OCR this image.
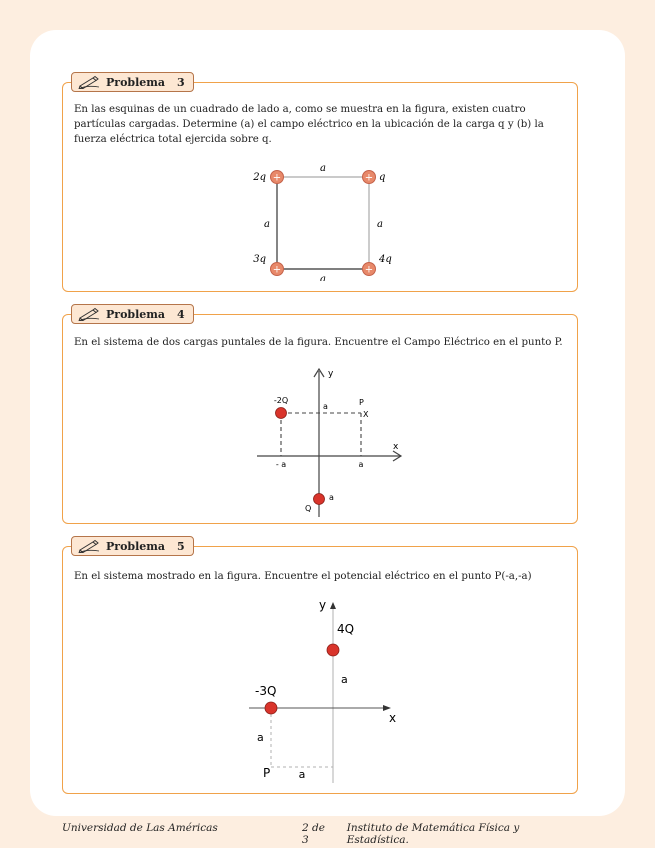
Problema 3
En las esquinas de un cuadrado de lado a, como se muestra en la figura, existen cuatro partículas cargadas. Determine (a) el campo eléctrico en la ubicación de la carga q y (b) la fuerza eléctrica total ejercida sobre q.
+	+
+	+
2q	q
3q	4q
a
a	a
a
Problema 4
En el sistema de dos cargas puntales de la figura. Encuentre el Campo Eléctrico en el punto P.
y
x
-2Q
a	P
X
- a	a
a
Q
Problema 5
En el sistema mostrado en la figura. Encuentre el potencial eléctrico en el punto P(-a,-a)
y
x
4Q
a
-3Q
a
P	a
Universidad de Las Américas	2 de 3
Instituto de Matemática Física y Estadística.
